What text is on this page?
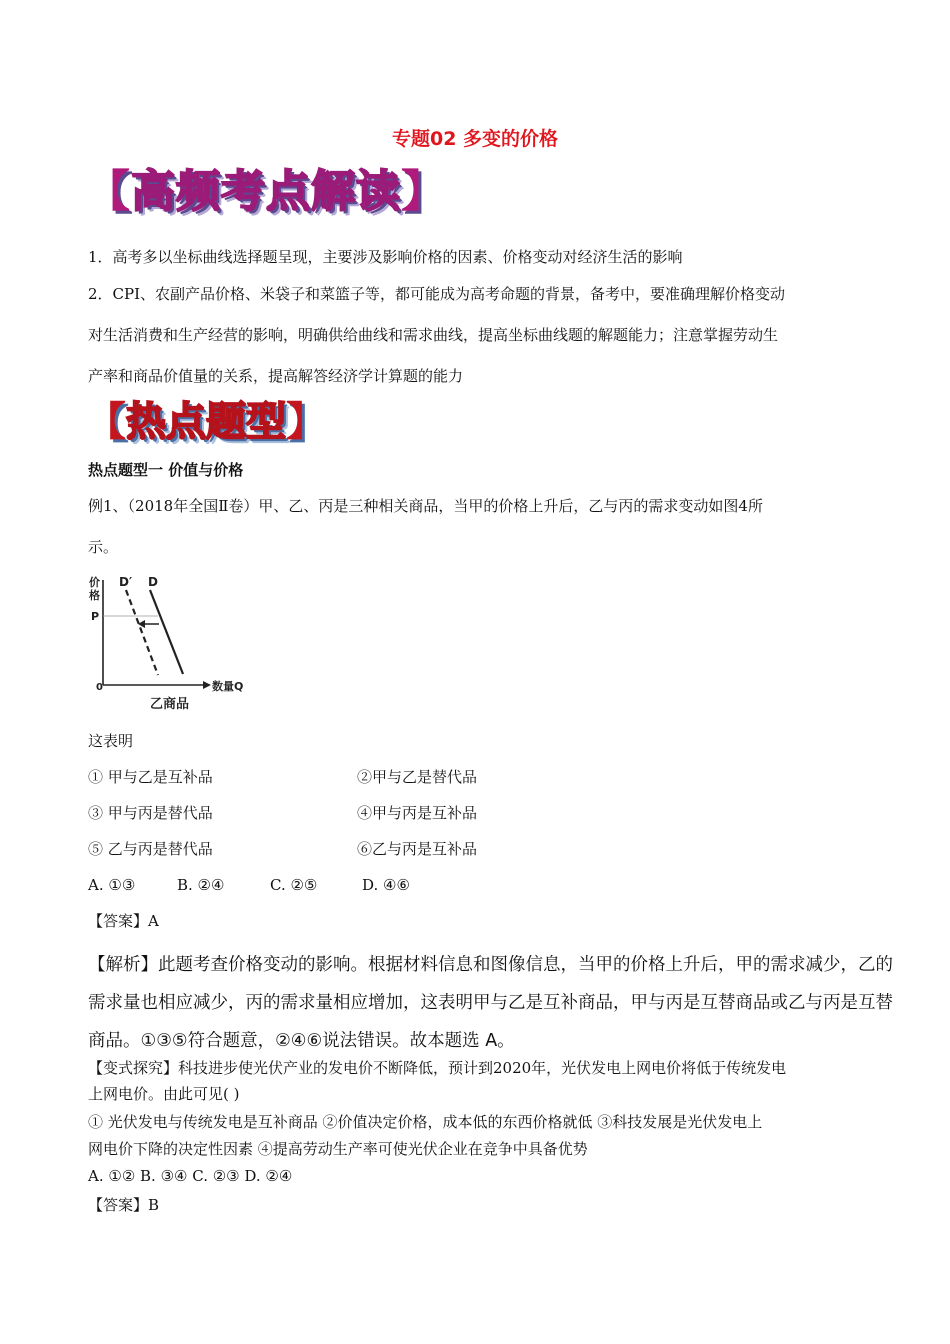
专题02 多变的价格
【高频考点解读】
1．高考多以坐标曲线选择题呈现，主要涉及影响价格的因素、价格变动对经济生活的影响
2．CPI、农副产品价格、米袋子和菜篮子等，都可能成为高考命题的背景，备考中，要准确理解价格变动
对生活消费和生产经营的影响，明确供给曲线和需求曲线，提高坐标曲线题的解题能力；注意掌握劳动生
产率和商品价值量的关系，提高解答经济学计算题的能力
【热点题型】
热点题型一 价值与价格
例1、（2018年全国Ⅱ卷）甲、乙、丙是三种相关商品，当甲的价格上升后，乙与丙的需求变动如图4所
示。
价
格
P
0
D′ D
数量Q
乙商品
这表明
① 甲与乙是互补品	②甲与乙是替代品
③ 甲与丙是替代品	④甲与丙是互补品
⑤ 乙与丙是替代品	⑥乙与丙是互补品
A. ①③	B. ②④	C. ②⑤	D. ④⑥
【答案】A
【解析】此题考查价格变动的影响。根据材料信息和图像信息，当甲的价格上升后，甲的需求减少，乙的
需求量也相应减少，丙的需求量相应增加，这表明甲与乙是互补商品，甲与丙是互替商品或乙与丙是互替
商品。①③⑤符合题意，②④⑥说法错误。故本题选 A。
【变式探究】科技进步使光伏产业的发电价不断降低，预计到2020年，光伏发电上网电价将低于传统发电
上网电价。由此可见( )
① 光伏发电与传统发电是互补商品 ②价值决定价格，成本低的东西价格就低 ③科技发展是光伏发电上
网电价下降的决定性因素 ④提高劳动生产率可使光伏企业在竞争中具备优势
A. ①② B. ③④ C. ②③ D. ②④
【答案】B
